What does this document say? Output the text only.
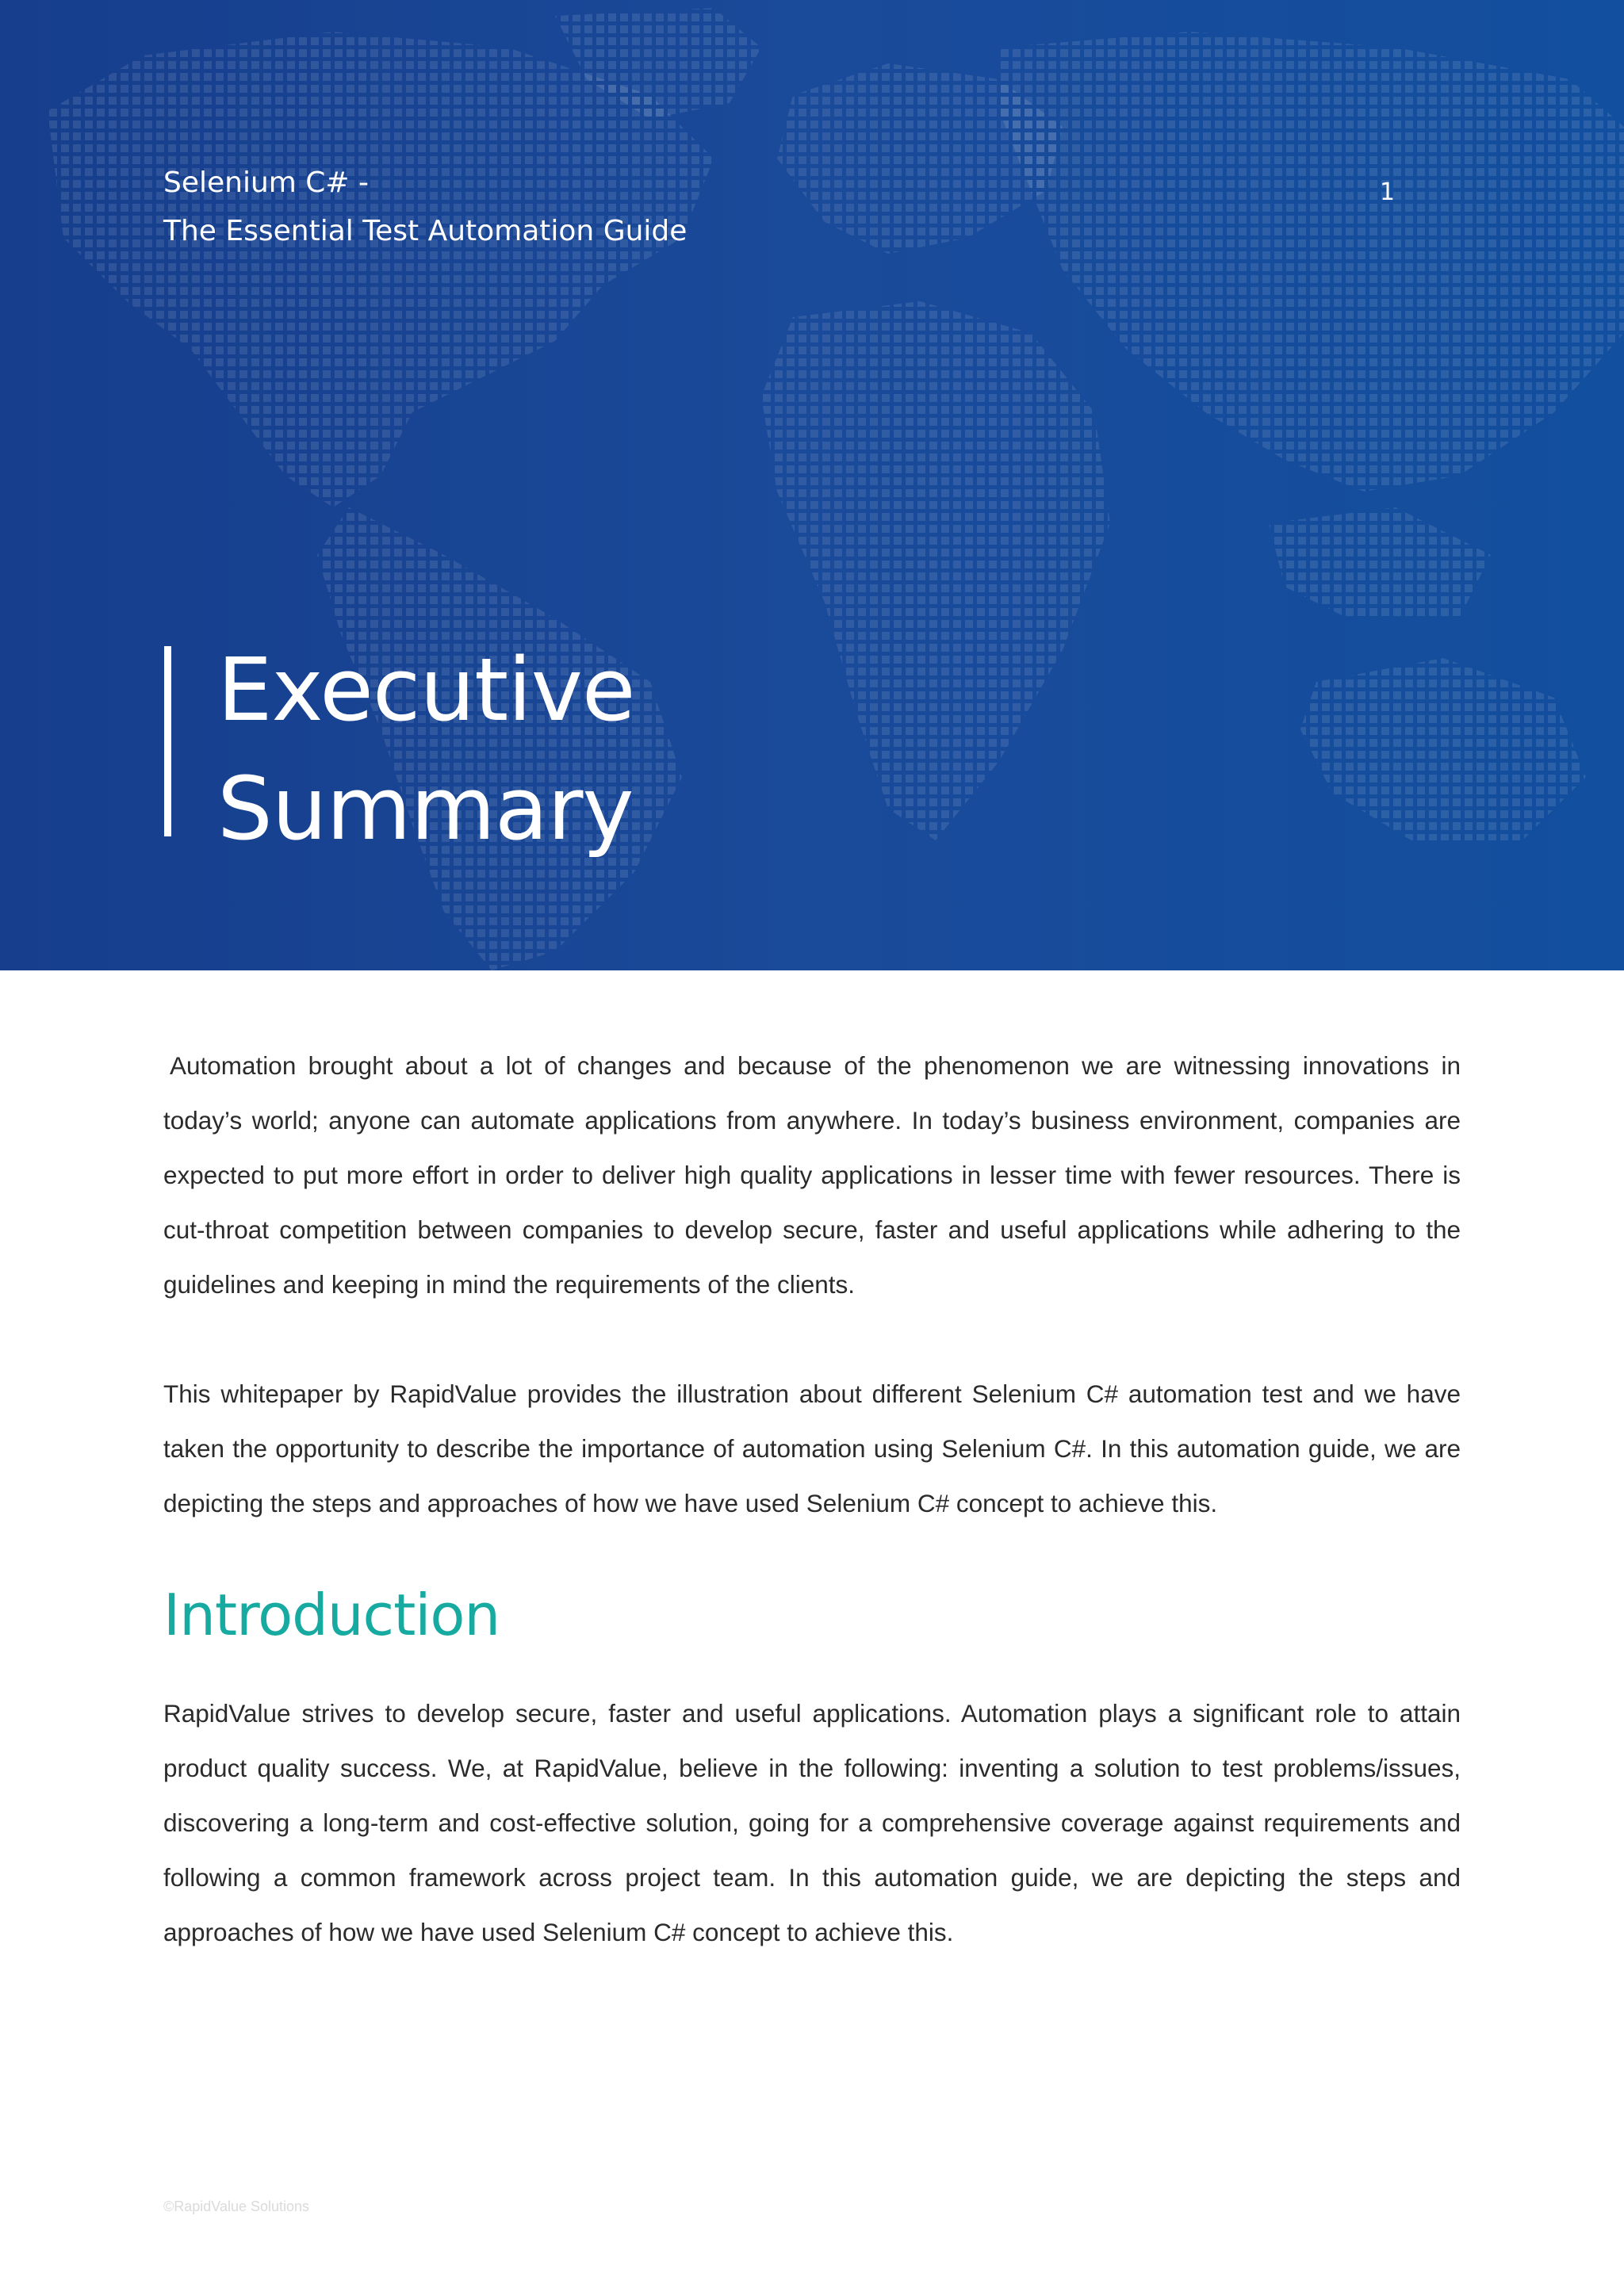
Selenium C# -
The Essential Test Automation Guide
1
Executive
Summary

Automation brought about a lot of changes and because of the phenomenon we are witnessing innovations in today’s world; anyone can automate applications from anywhere. In today’s business environment, companies are expected to put more effort in order to deliver high quality applications in lesser time with fewer resources. There is cut-throat competition between companies to develop secure, faster and useful applications while adhering to the guidelines and keeping in mind the requirements of the clients.

This whitepaper by RapidValue provides the illustration about different Selenium C# automation test and we have taken the opportunity to describe the importance of automation using Selenium C#. In this automation guide, we are depicting the steps and approaches of how we have used Selenium C# concept to achieve this.

Introduction

RapidValue strives to develop secure, faster and useful applications. Automation plays a significant role to attain product quality success. We, at RapidValue, believe in the following: inventing a solution to test problems/issues, discovering a long-term and cost-effective solution, going for a comprehensive coverage against requirements and following a common framework across project team. In this automation guide, we are depicting the steps and approaches of how we have used Selenium C# concept to achieve this.

©RapidValue Solutions
